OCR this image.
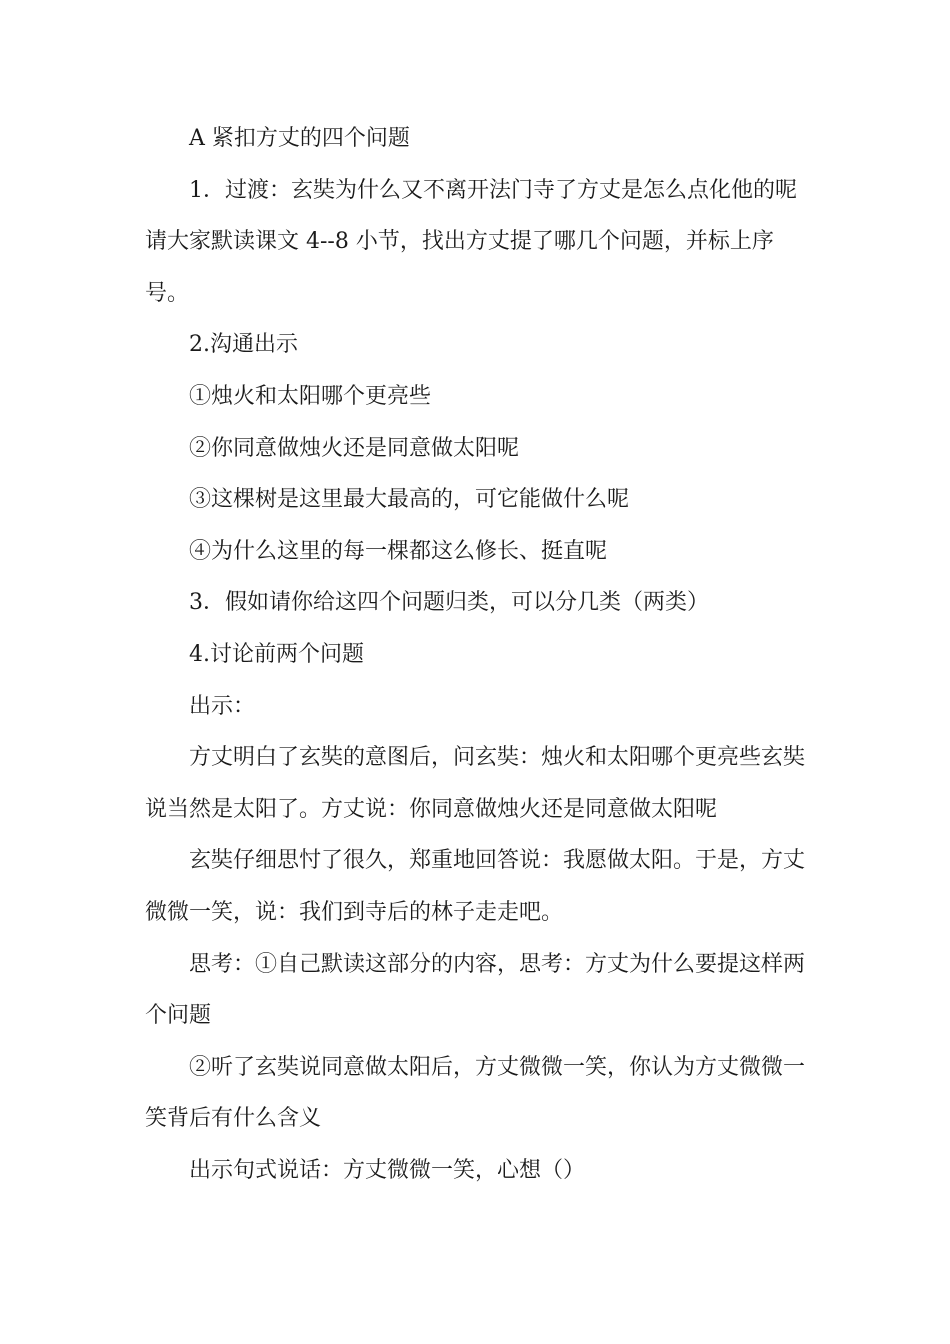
A 紧扣方丈的四个问题

1．过渡：玄奘为什么又不离开法门寺了方丈是怎么点化他的呢请大家默读课文 4--8 小节，找出方丈提了哪几个问题，并标上序号。

2.沟通出示

①烛火和太阳哪个更亮些

②你同意做烛火还是同意做太阳呢

③这棵树是这里最大最高的，可它能做什么呢

④为什么这里的每一棵都这么修长、挺直呢

3．假如请你给这四个问题归类，可以分几类（两类）

4.讨论前两个问题

出示：

方丈明白了玄奘的意图后，问玄奘：烛火和太阳哪个更亮些玄奘说当然是太阳了。方丈说：你同意做烛火还是同意做太阳呢

玄奘仔细思忖了很久，郑重地回答说：我愿做太阳。于是，方丈微微一笑，说：我们到寺后的林子走走吧。

思考：①自己默读这部分的内容，思考：方丈为什么要提这样两个问题

②听了玄奘说同意做太阳后，方丈微微一笑，你认为方丈微微一笑背后有什么含义

出示句式说话：方丈微微一笑，心想（）
